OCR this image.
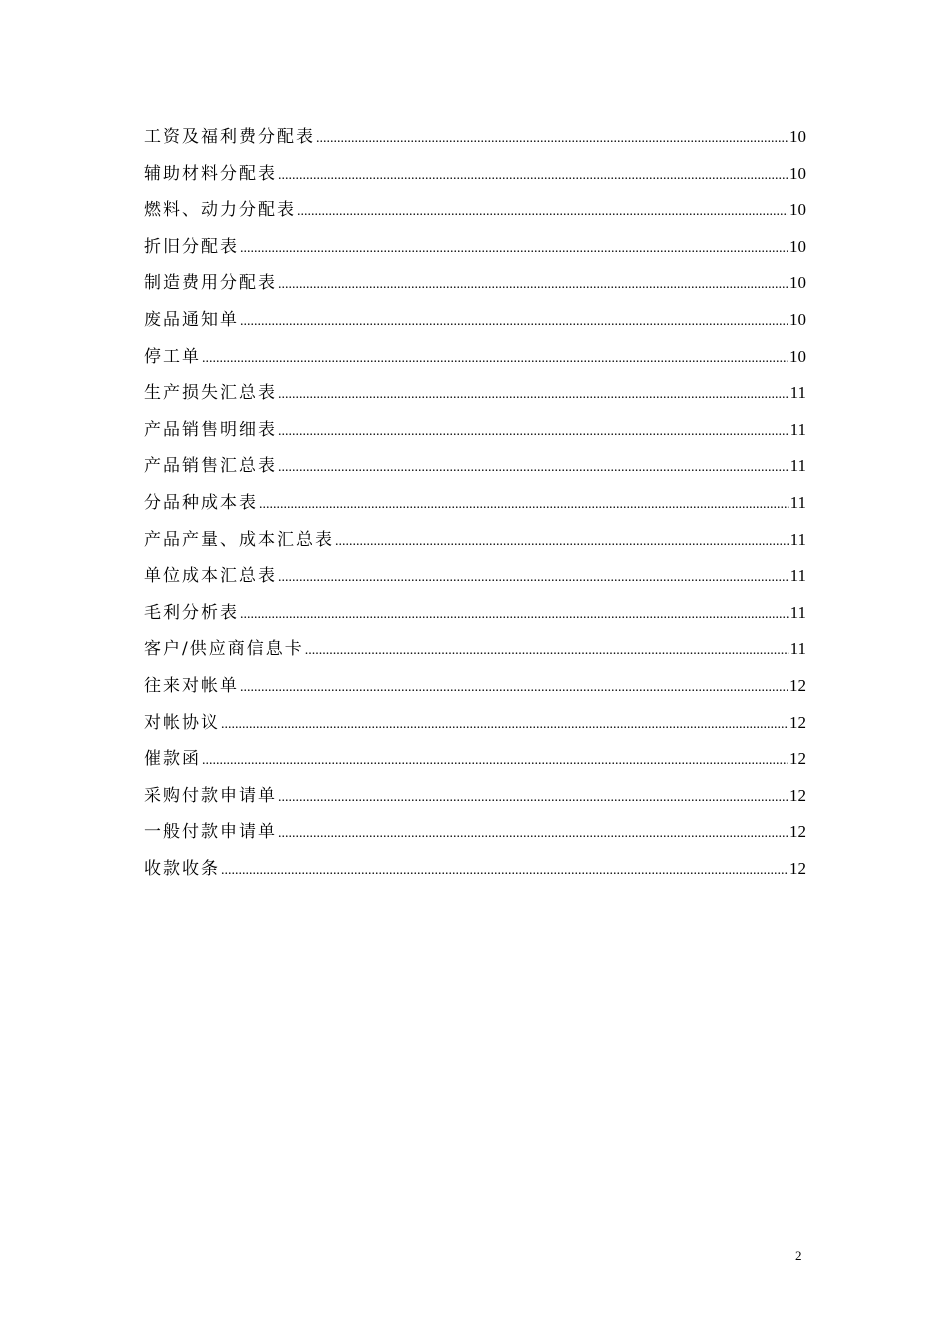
工资及福利费分配表 .....	10
辅助材料分配表 .....	10
燃料、动力分配表 .....	10
折旧分配表 .....	10
制造费用分配表 .....	10
废品通知单 .....	10
停工单 .....	10
生产损失汇总表 .....	11
产品销售明细表 .....	11
产品销售汇总表 .....	11
分品种成本表 .....	11
产品产量、成本汇总表 .....	11
单位成本汇总表 .....	11
毛利分析表 .....	11
客户/供应商信息卡 .....	11
往来对帐单 .....	12
对帐协议 .....	12
催款函 .....	12
采购付款申请单 .....	12
一般付款申请单 .....	12
收款收条 .....	12
2
